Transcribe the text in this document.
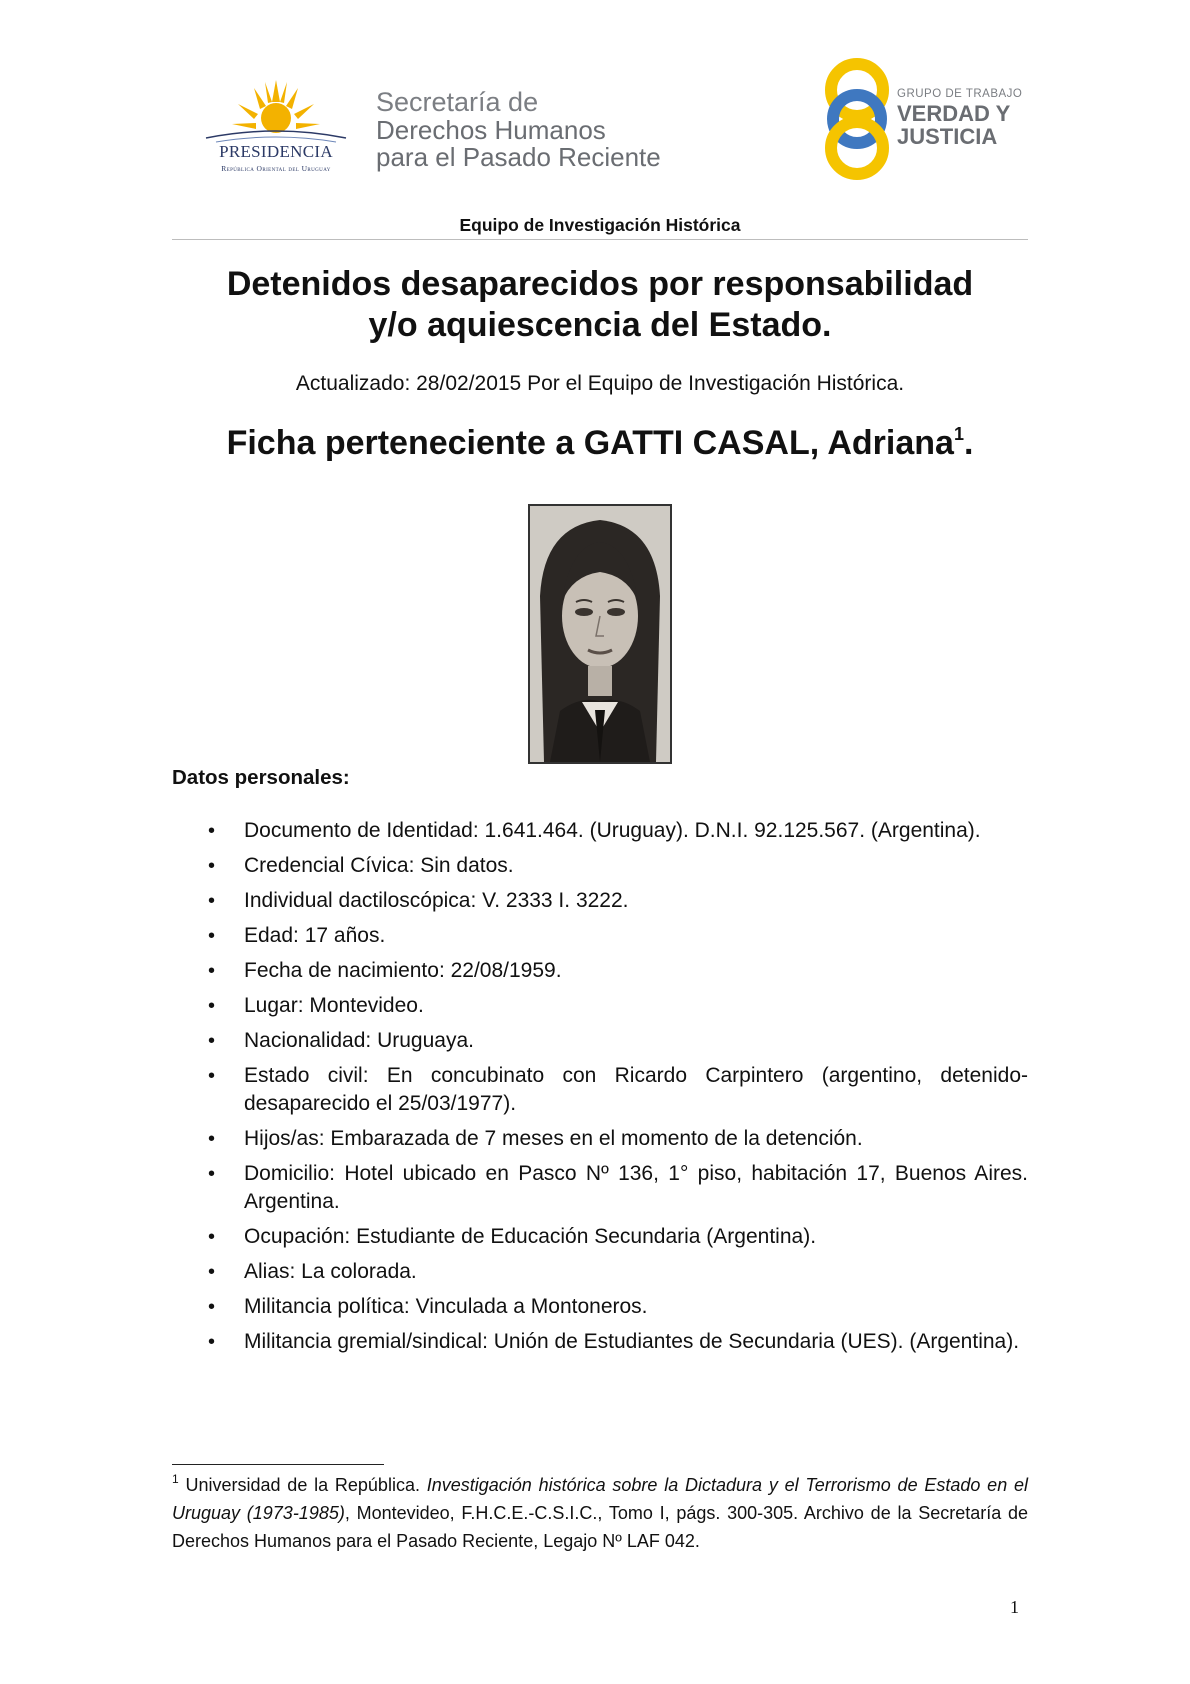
PRESIDENCIA
República Oriental del Uruguay
Secretaría de
Derechos Humanos
para el Pasado Reciente
GRUPO DE TRABAJO
VERDAD Y
JUSTICIA
Equipo de Investigación Histórica
Detenidos desaparecidos por responsabilidad
y/o aquiescencia del Estado.
Actualizado: 28/02/2015 Por el Equipo de Investigación Histórica.
Ficha perteneciente a GATTI CASAL, Adriana$^1$.
Datos personales:
• Documento de Identidad: 1.641.464. (Uruguay). D.N.I. 92.125.567. (Argentina).
• Credencial Cívica: Sin datos.
• Individual dactiloscópica: V. 2333 I. 3222.
• Edad: 17 años.
• Fecha de nacimiento: 22/08/1959.
• Lugar: Montevideo.
• Nacionalidad: Uruguaya.
• Estado civil: En concubinato con Ricardo Carpintero (argentino, detenido-desaparecido el 25/03/1977).
• Hijos/as: Embarazada de 7 meses en el momento de la detención.
• Domicilio: Hotel ubicado en Pasco Nº 136, 1° piso, habitación 17, Buenos Aires. Argentina.
• Ocupación: Estudiante de Educación Secundaria (Argentina).
• Alias: La colorada.
• Militancia política: Vinculada a Montoneros.
• Militancia gremial/sindical: Unión de Estudiantes de Secundaria (UES). (Argentina).
$^1$ Universidad de la República. Investigación histórica sobre la Dictadura y el Terrorismo de Estado en el Uruguay (1973-1985), Montevideo, F.H.C.E.-C.S.I.C., Tomo I, págs. 300-305. Archivo de la Secretaría de Derechos Humanos para el Pasado Reciente, Legajo Nº LAF 042.
1
